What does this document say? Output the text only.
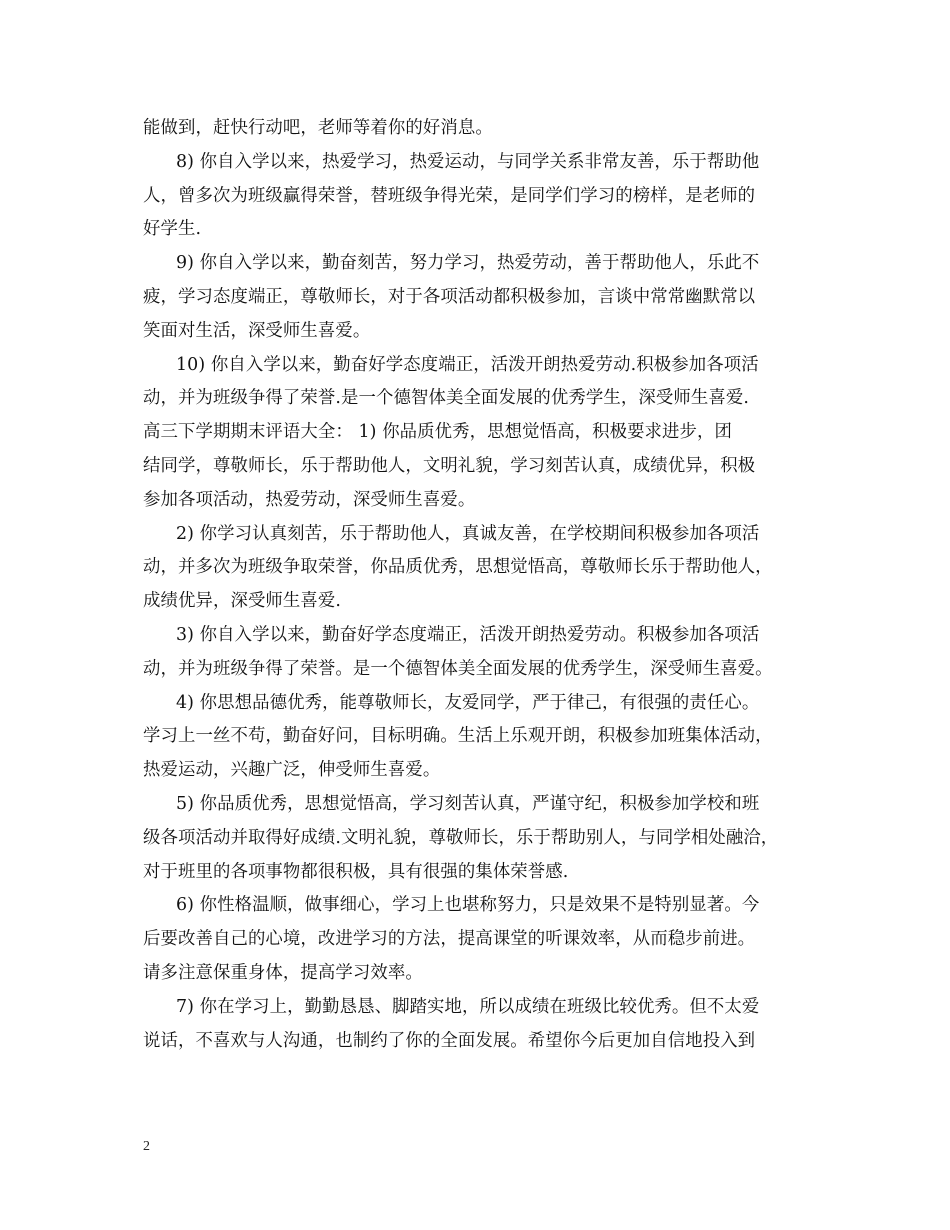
能做到，赶快行动吧，老师等着你的好消息。
8) 你自入学以来，热爱学习，热爱运动，与同学关系非常友善，乐于帮助他
人，曾多次为班级赢得荣誉，替班级争得光荣，是同学们学习的榜样，是老师的
好学生.
9) 你自入学以来，勤奋刻苦，努力学习，热爱劳动，善于帮助他人，乐此不
疲，学习态度端正，尊敬师长，对于各项活动都积极参加，言谈中常常幽默常以
笑面对生活，深受师生喜爱。
10) 你自入学以来，勤奋好学态度端正，活泼开朗热爱劳动.积极参加各项活
动，并为班级争得了荣誉.是一个德智体美全面发展的优秀学生，深受师生喜爱.
高三下学期期末评语大全： 1) 你品质优秀，思想觉悟高，积极要求进步，团
结同学，尊敬师长，乐于帮助他人，文明礼貌，学习刻苦认真，成绩优异，积极
参加各项活动，热爱劳动，深受师生喜爱。
2) 你学习认真刻苦，乐于帮助他人，真诚友善，在学校期间积极参加各项活
动，并多次为班级争取荣誉，你品质优秀，思想觉悟高，尊敬师长乐于帮助他人，
成绩优异，深受师生喜爱.
3) 你自入学以来，勤奋好学态度端正，活泼开朗热爱劳动。积极参加各项活
动，并为班级争得了荣誉。是一个德智体美全面发展的优秀学生，深受师生喜爱。
4) 你思想品德优秀，能尊敬师长，友爱同学，严于律己，有很强的责任心。
学习上一丝不苟，勤奋好问，目标明确。生活上乐观开朗，积极参加班集体活动，
热爱运动，兴趣广泛，伸受师生喜爱。
5) 你品质优秀，思想觉悟高，学习刻苦认真，严谨守纪，积极参加学校和班
级各项活动并取得好成绩.文明礼貌，尊敬师长，乐于帮助别人，与同学相处融洽，
对于班里的各项事物都很积极，具有很强的集体荣誉感.
6) 你性格温顺，做事细心，学习上也堪称努力，只是效果不是特别显著。今
后要改善自己的心境，改进学习的方法，提高课堂的听课效率，从而稳步前进。
请多注意保重身体，提高学习效率。
7) 你在学习上，勤勤恳恳、脚踏实地，所以成绩在班级比较优秀。但不太爱
说话，不喜欢与人沟通，也制约了你的全面发展。希望你今后更加自信地投入到
2
